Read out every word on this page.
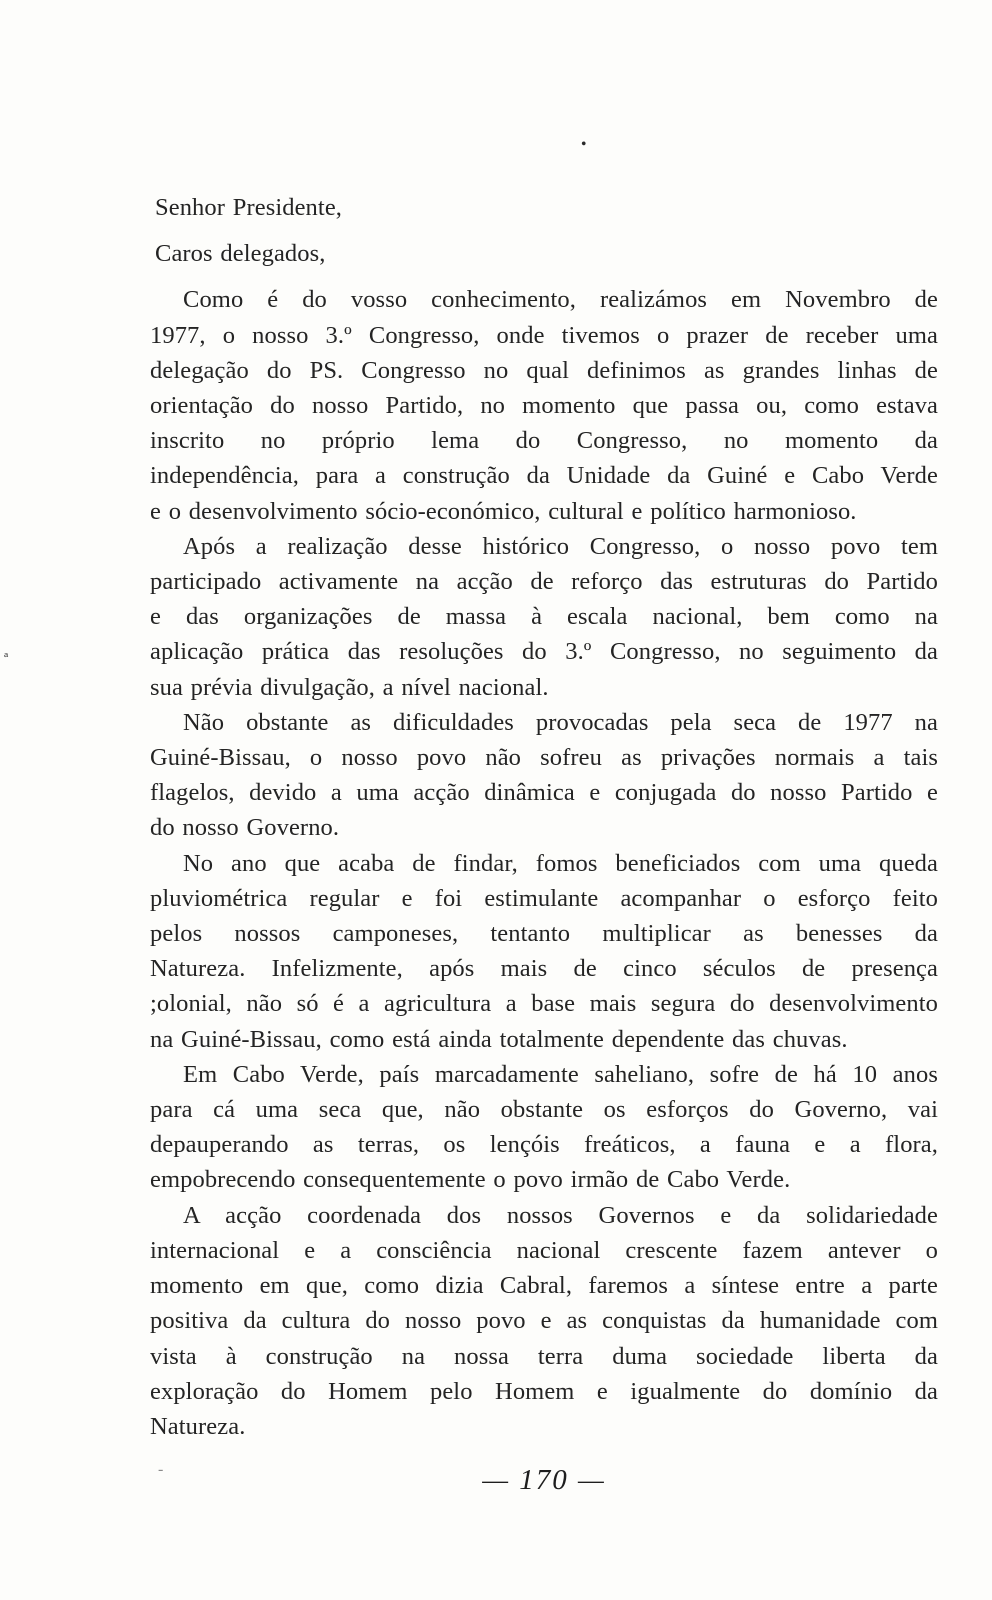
•
ª
-
Senhor Presidente,
Caros delegados,

Como é do vosso conhecimento, realizámos em Novembro de
1977, o nosso 3.º Congresso, onde tivemos o prazer de receber uma
delegação do PS. Congresso no qual definimos as grandes linhas de
orientação do nosso Partido, no momento que passa ou, como estava
inscrito no próprio lema do Congresso, no momento da
independência, para a construção da Unidade da Guiné e Cabo Verde
e o desenvolvimento sócio-económico, cultural e político harmonioso.

Após a realização desse histórico Congresso, o nosso povo tem
participado activamente na acção de reforço das estruturas do Partido
e das organizações de massa à escala nacional, bem como na
aplicação prática das resoluções do 3.º Congresso, no seguimento da
sua prévia divulgação, a nível nacional.

Não obstante as dificuldades provocadas pela seca de 1977 na
Guiné-Bissau, o nosso povo não sofreu as privações normais a tais
flagelos, devido a uma acção dinâmica e conjugada do nosso Partido e
do nosso Governo.

No ano que acaba de findar, fomos beneficiados com uma queda
pluviométrica regular e foi estimulante acompanhar o esforço feito
pelos nossos camponeses, tentanto multiplicar as benesses da
Natureza. Infelizmente, após mais de cinco séculos de presença
;olonial, não só é a agricultura a base mais segura do desenvolvimento
na Guiné-Bissau, como está ainda totalmente dependente das chuvas.

Em Cabo Verde, país marcadamente saheliano, sofre de há 10 anos
para cá uma seca que, não obstante os esforços do Governo, vai
depauperando as terras, os lençóis freáticos, a fauna e a flora,
empobrecendo consequentemente o povo irmão de Cabo Verde.

A acção coordenada dos nossos Governos e da solidariedade
internacional e a consciência nacional crescente fazem antever o
momento em que, como dizia Cabral, faremos a síntese entre a parte
positiva da cultura do nosso povo e as conquistas da humanidade com
vista à construção na nossa terra duma sociedade liberta da
exploração do Homem pelo Homem e igualmente do domínio da
Natureza.

— 170 —
